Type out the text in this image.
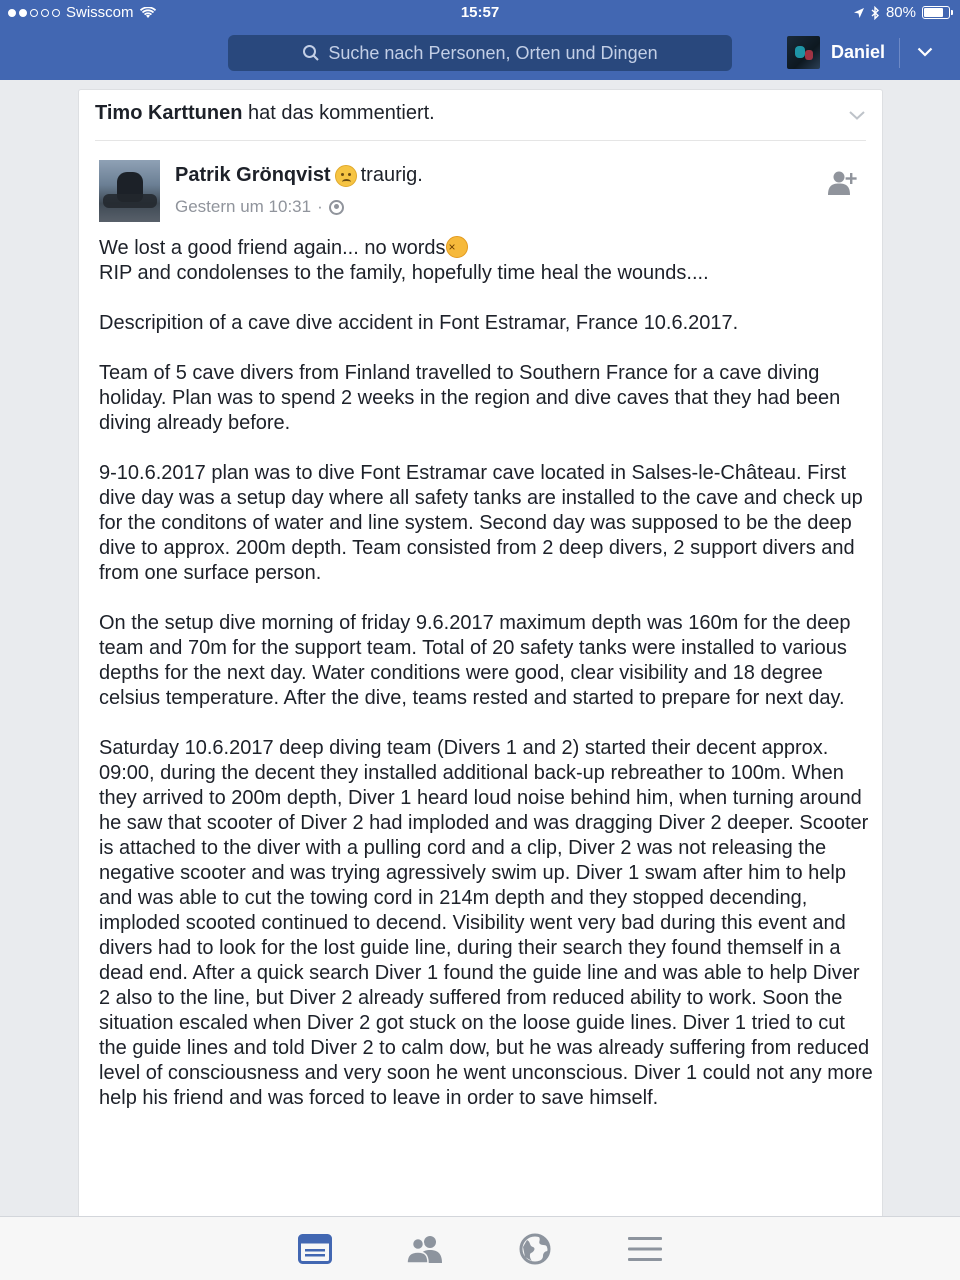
Swisscom	15:57	80%
Suche nach Personen, Orten und Dingen	Daniel
Timo Karttunen hat das kommentiert.
Patrik Grönqvist traurig.
Gestern um 10:31 ·

We lost a good friend again... no words×

RIP and condolenses to the family, hopefully time heal the wounds....

Descripition of a cave dive accident in Font Estramar, France 10.6.2017.

Team of 5 cave divers from Finland travelled to Southern France for a cave diving holiday. Plan was to spend 2 weeks in the region and dive caves that they had been diving already before.

9-10.6.2017 plan was to dive Font Estramar cave located in Salses-le-Château. First dive day was a setup day where all safety tanks are installed to the cave and check up for the conditons of water and line system. Second day was supposed to be the deep dive to approx. 200m depth. Team consisted from 2 deep divers, 2 support divers and from one surface person.

On the setup dive morning of friday 9.6.2017 maximum depth was 160m for the deep team and 70m for the support team. Total of 20 safety tanks were installed to various depths for the next day. Water conditions were good, clear visibility and 18 degree celsius temperature. After the dive, teams rested and started to prepare for next day.

Saturday 10.6.2017 deep diving team (Divers 1 and 2) started their decent approx. 09:00, during the decent they installed additional back-up rebreather to 100m. When they arrived to 200m depth, Diver 1 heard loud noise behind him, when turning around he saw that scooter of Diver 2 had imploded and was dragging Diver 2 deeper. Scooter is attached to the diver with a pulling cord and a clip, Diver 2 was not releasing the negative scooter and was trying agressively swim up. Diver 1 swam after him to help and was able to cut the towing cord in 214m depth and they stopped decending, imploded scooted continued to decend. Visibility went very bad during this event and divers had to look for the lost guide line, during their search they found themself in a dead end. After a quick search Diver 1 found the guide line and was able to help Diver 2 also to the line, but Diver 2 already suffered from reduced ability to work. Soon the situation escaled when Diver 2 got stuck on the loose guide lines. Diver 1 tried to cut the guide lines and told Diver 2 to calm dow, but he was already suffering from reduced level of consciousness and very soon he went unconscious. Diver 1 could not any more help his friend and was forced to leave in order to save himself.
